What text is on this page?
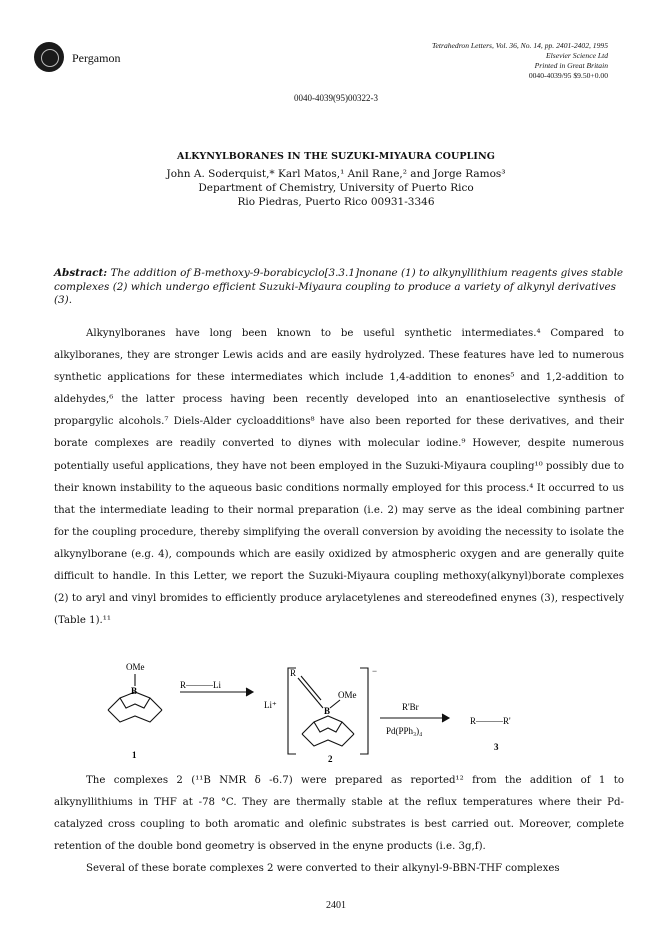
Pergamon
Tetrahedron Letters, Vol. 36, No. 14, pp. 2401-2402, 1995
Elsevier Science Ltd
Printed in Great Britain
0040-4039/95 $9.50+0.00
0040-4039(95)00322-3
ALKYNYLBORANES IN THE SUZUKI-MIYAURA COUPLING
John A. Soderquist,* Karl Matos,¹ Anil Rane,² and Jorge Ramos³
Department of Chemistry, University of Puerto Rico
Rio Piedras, Puerto Rico 00931-3346
Abstract: The addition of B-methoxy-9-borabicyclo[3.3.1]nonane (1) to alkynyllithium reagents gives stable complexes (2) which undergo efficient Suzuki-Miyaura coupling to produce a variety of alkynyl derivatives (3).

Alkynylboranes have long been known to be useful synthetic intermediates.⁴ Compared to alkylboranes, they are stronger Lewis acids and are easily hydrolyzed. These features have led to numerous synthetic applications for these intermediates which include 1,4-addition to enones⁵ and 1,2-addition to aldehydes,⁶ the latter process having been recently developed into an enantioselective synthesis of propargylic alcohols.⁷ Diels-Alder cycloadditions⁸ have also been reported for these derivatives, and their borate complexes are readily converted to diynes with molecular iodine.⁹ However, despite numerous potentially useful applications, they have not been employed in the Suzuki-Miyaura coupling¹⁰ possibly due to their known instability to the aqueous basic conditions normally employed for this process.⁴ It occurred to us that the intermediate leading to their normal preparation (i.e. 2) may serve as the ideal combining partner for the coupling procedure, thereby simplifying the overall conversion by avoiding the necessity to isolate the alkynylborane (e.g. 4), compounds which are easily oxidized by atmospheric oxygen and are generally quite difficult to handle. In this Letter, we report the Suzuki-Miyaura coupling methoxy(alkynyl)borate complexes (2) to aryl and vinyl bromides to efficiently produce arylacetylenes and stereodefined enynes (3), respectively (Table 1).¹¹

OMe
B
R———Li
Li⁺
R
OMe
B
−
R'Br
Pd(PPh₃)₄
R———R'
1	2
3

The complexes 2 (¹¹B NMR δ -6.7) were prepared as reported¹² from the addition of 1 to alkynyllithiums in THF at -78 °C. They are thermally stable at the reflux temperatures where their Pd-catalyzed cross coupling to both aromatic and olefinic substrates is best carried out. Moreover, complete retention of the double bond geometry is observed in the enyne products (i.e. 3g,f).

Several of these borate complexes 2 were converted to their alkynyl-9-BBN-THF complexes

2401
